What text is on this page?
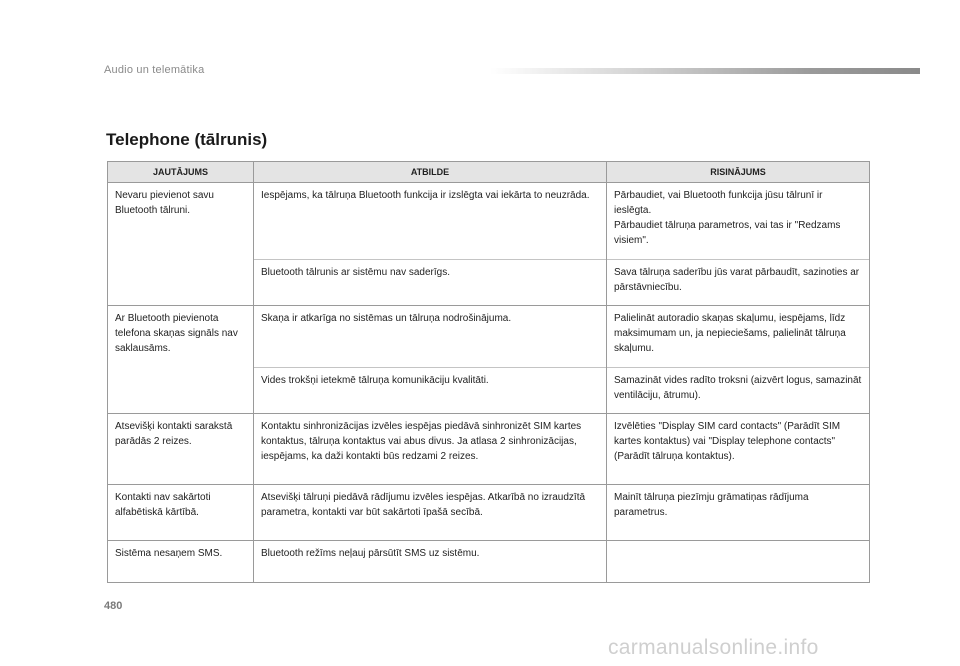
Audio un telemātika
Telephone (tālrunis)
JAUTĀJUMS	ATBILDE	RISINĀJUMS
Nevaru pievienot savu Bluetooth tālruni.	Iespējams, ka tālruņa Bluetooth funkcija ir izslēgta vai iekārta to neuzrāda.	Pārbaudiet, vai Bluetooth funkcija jūsu tālrunī ir ieslēgta.
Pārbaudiet tālruņa parametros, vai tas ir "Redzams visiem".
	Bluetooth tālrunis ar sistēmu nav saderīgs.	Sava tālruņa saderību jūs varat pārbaudīt, sazinoties ar pārstāvniecību.
Ar Bluetooth pievienota telefona skaņas signāls nav saklausāms.	Skaņa ir atkarīga no sistēmas un tālruņa nodrošinājuma.	Palielināt autoradio skaņas skaļumu, iespējams, līdz maksimumam un, ja nepieciešams, palielināt tālruņa skaļumu.
	Vides trokšņi ietekmē tālruņa komunikāciju kvalitāti.	Samazināt vides radīto troksni (aizvērt logus, samazināt ventilāciju, ātrumu).
Atsevišķi kontakti sarakstā parādās 2 reizes.	Kontaktu sinhronizācijas izvēles iespējas piedāvā sinhronizēt SIM kartes kontaktus, tālruņa kontaktus vai abus divus. Ja atlasa 2 sinhronizācijas, iespējams, ka daži kontakti būs redzami 2 reizes.	Izvēlēties "Display SIM card contacts" (Parādīt SIM kartes kontaktus) vai "Display telephone contacts" (Parādīt tālruņa kontaktus).
Kontakti nav sakārtoti alfabētiskā kārtībā.	Atsevišķi tālruņi piedāvā rādījumu izvēles iespējas. Atkarībā no izraudzītā parametra, kontakti var būt sakārtoti īpašā secībā.	Mainīt tālruņa piezīmju grāmatiņas rādījuma parametrus.
Sistēma nesaņem SMS.	Bluetooth režīms neļauj pārsūtīt SMS uz sistēmu.	
480
carmanualsonline.info
